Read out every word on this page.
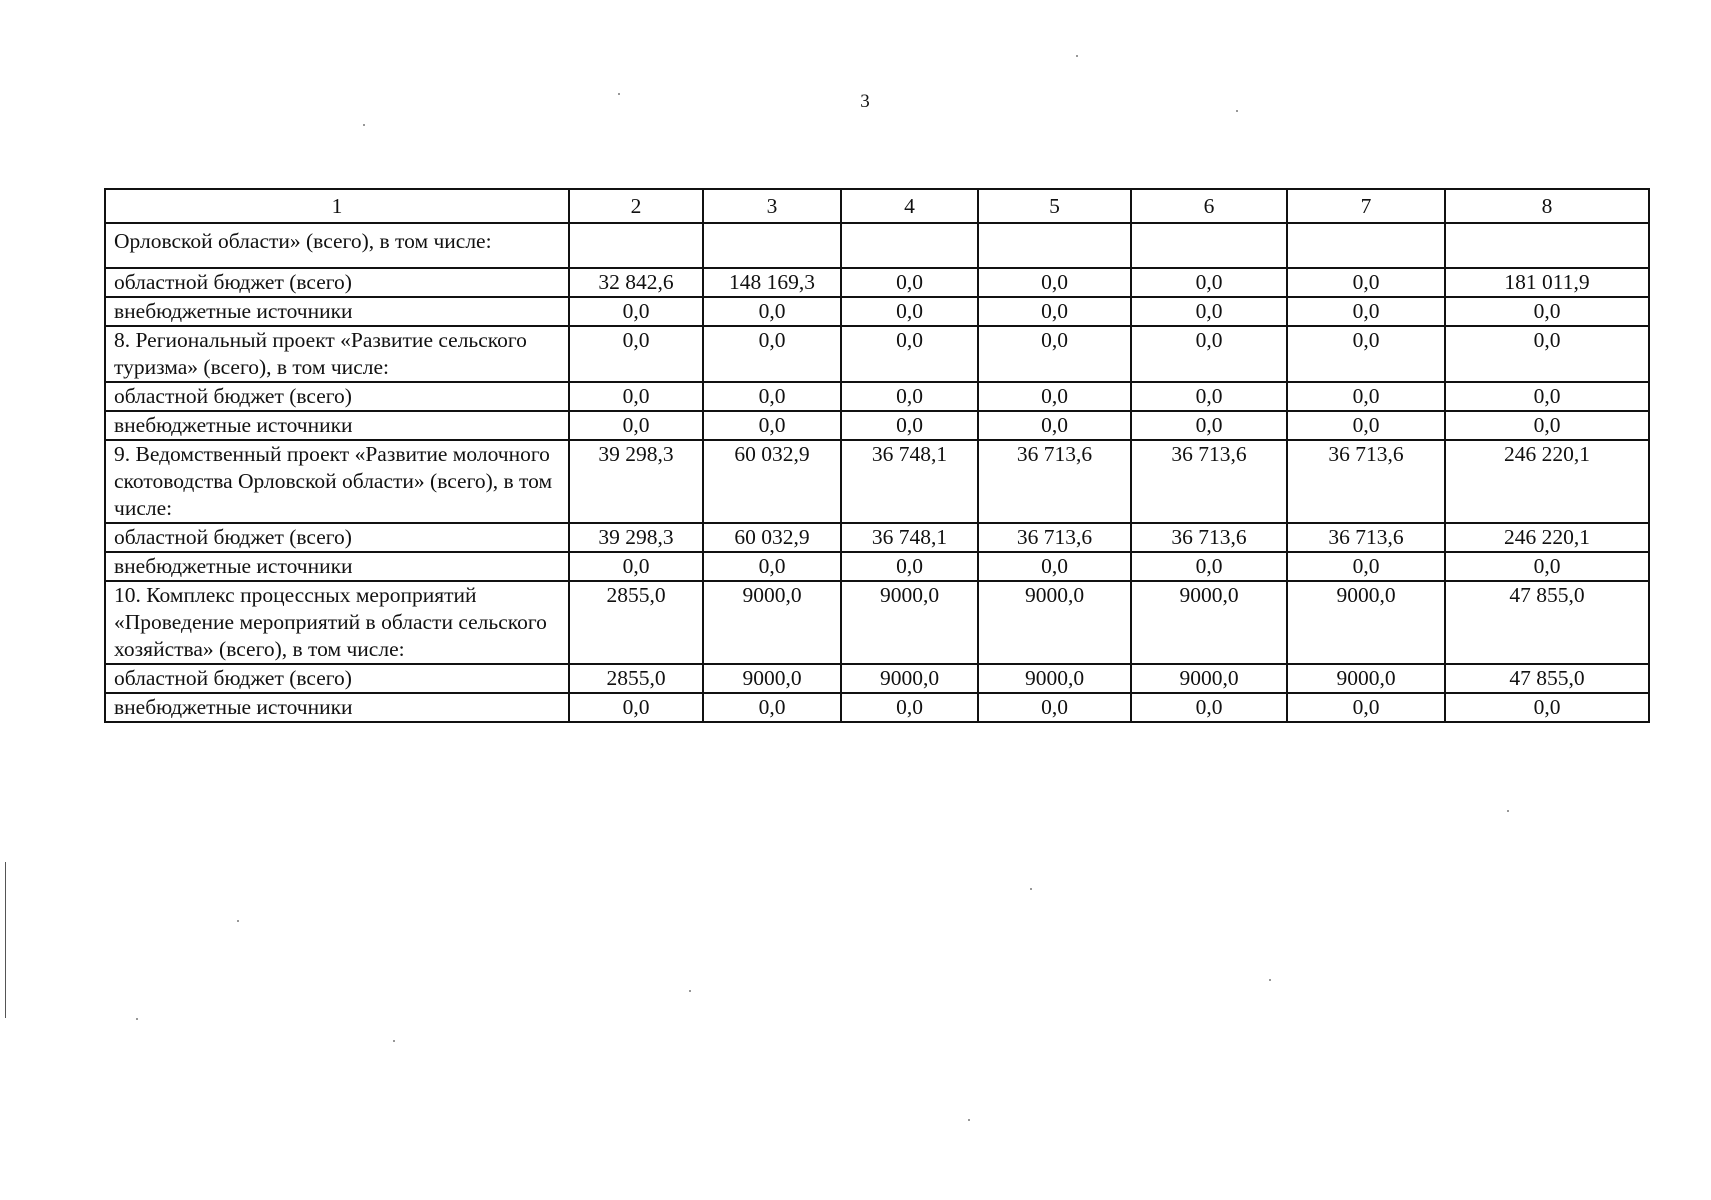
3
1	2	3	4	5	6	7	8
Орловской области» (всего), в том числе:							
областной бюджет (всего)	32 842,6	148 169,3	0,0	0,0	0,0	0,0	181 011,9
внебюджетные источники	0,0	0,0	0,0	0,0	0,0	0,0	0,0
8. Региональный проект «Развитие сельского туризма» (всего), в том числе:	0,0	0,0	0,0	0,0	0,0	0,0	0,0
областной бюджет (всего)	0,0	0,0	0,0	0,0	0,0	0,0	0,0
внебюджетные источники	0,0	0,0	0,0	0,0	0,0	0,0	0,0
9. Ведомственный проект «Развитие молочного скотоводства Орловской области» (всего), в том числе:	39 298,3	60 032,9	36 748,1	36 713,6	36 713,6	36 713,6	246 220,1
областной бюджет (всего)	39 298,3	60 032,9	36 748,1	36 713,6	36 713,6	36 713,6	246 220,1
внебюджетные источники	0,0	0,0	0,0	0,0	0,0	0,0	0,0
10. Комплекс процессных мероприятий «Проведение мероприятий в области сельского хозяйства» (всего), в том числе:	2855,0	9000,0	9000,0	9000,0	9000,0	9000,0	47 855,0
областной бюджет (всего)	2855,0	9000,0	9000,0	9000,0	9000,0	9000,0	47 855,0
внебюджетные источники	0,0	0,0	0,0	0,0	0,0	0,0	0,0
